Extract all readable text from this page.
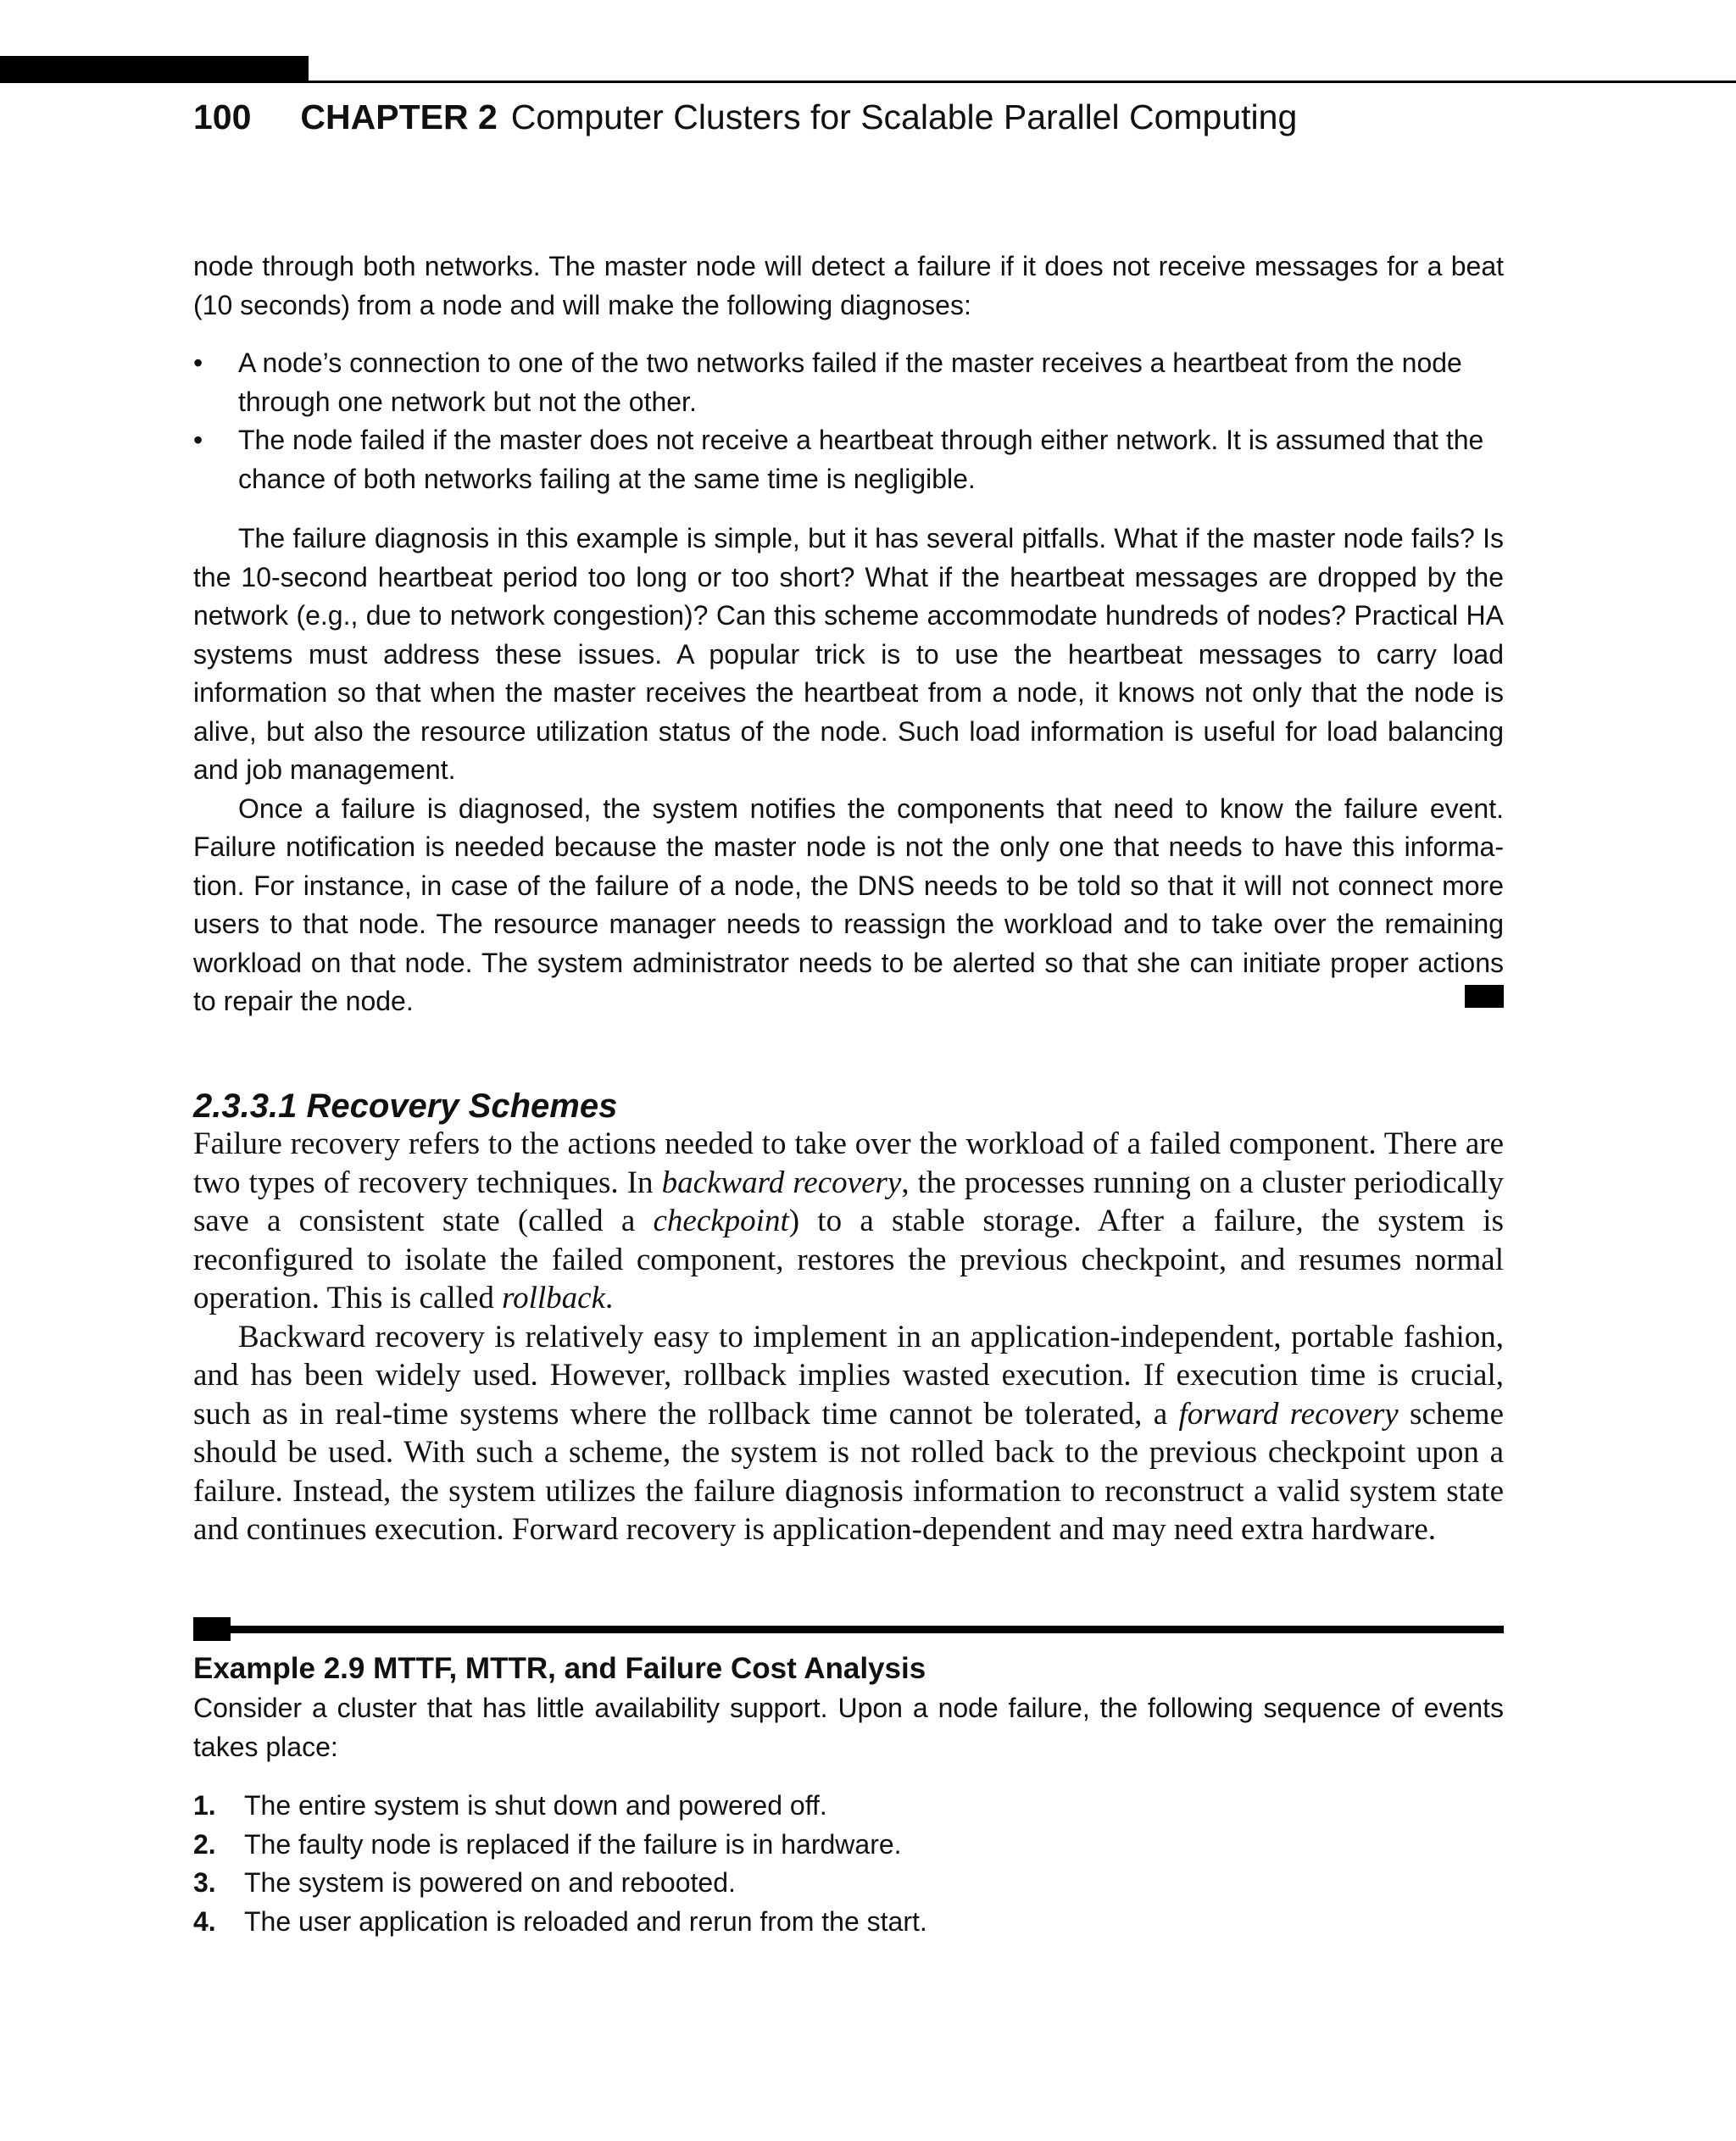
100 CHAPTER 2 Computer Clusters for Scalable Parallel Computing

node through both networks. The master node will detect a failure if it does not receive messages for a beat (10 seconds) from a node and will make the following diagnoses:

• A node’s connection to one of the two networks failed if the master receives a heartbeat from the node through one network but not the other.
• The node failed if the master does not receive a heartbeat through either network. It is assumed that the chance of both networks failing at the same time is negligible.

The failure diagnosis in this example is simple, but it has several pitfalls. What if the master node fails? Is the 10-second heartbeat period too long or too short? What if the heartbeat messages are dropped by the network (e.g., due to network congestion)? Can this scheme accommodate hundreds of nodes? Practical HA systems must address these issues. A popular trick is to use the heartbeat messages to carry load information so that when the master receives the heartbeat from a node, it knows not only that the node is alive, but also the resource utilization status of the node. Such load information is useful for load balancing and job management.

Once a failure is diagnosed, the system notifies the components that need to know the failure event. Failure notification is needed because the master node is not the only one that needs to have this information. For instance, in case of the failure of a node, the DNS needs to be told so that it will not connect more users to that node. The resource manager needs to reassign the workload and to take over the remaining workload on that node. The system administrator needs to be alerted so that she can initiate proper actions to repair the node.

2.3.3.1 Recovery Schemes

Failure recovery refers to the actions needed to take over the workload of a failed component. There are two types of recovery techniques. In backward recovery, the processes running on a cluster periodically save a consistent state (called a checkpoint) to a stable storage. After a failure, the system is reconfigured to isolate the failed component, restores the previous checkpoint, and resumes normal operation. This is called rollback.

Backward recovery is relatively easy to implement in an application-independent, portable fashion, and has been widely used. However, rollback implies wasted execution. If execution time is crucial, such as in real-time systems where the rollback time cannot be tolerated, a forward recovery scheme should be used. With such a scheme, the system is not rolled back to the previous checkpoint upon a failure. Instead, the system utilizes the failure diagnosis information to reconstruct a valid system state and continues execution. Forward recovery is application-dependent and may need extra hardware.

Example 2.9 MTTF, MTTR, and Failure Cost Analysis

Consider a cluster that has little availability support. Upon a node failure, the following sequence of events takes place:

1. The entire system is shut down and powered off.
2. The faulty node is replaced if the failure is in hardware.
3. The system is powered on and rebooted.
4. The user application is reloaded and rerun from the start.
